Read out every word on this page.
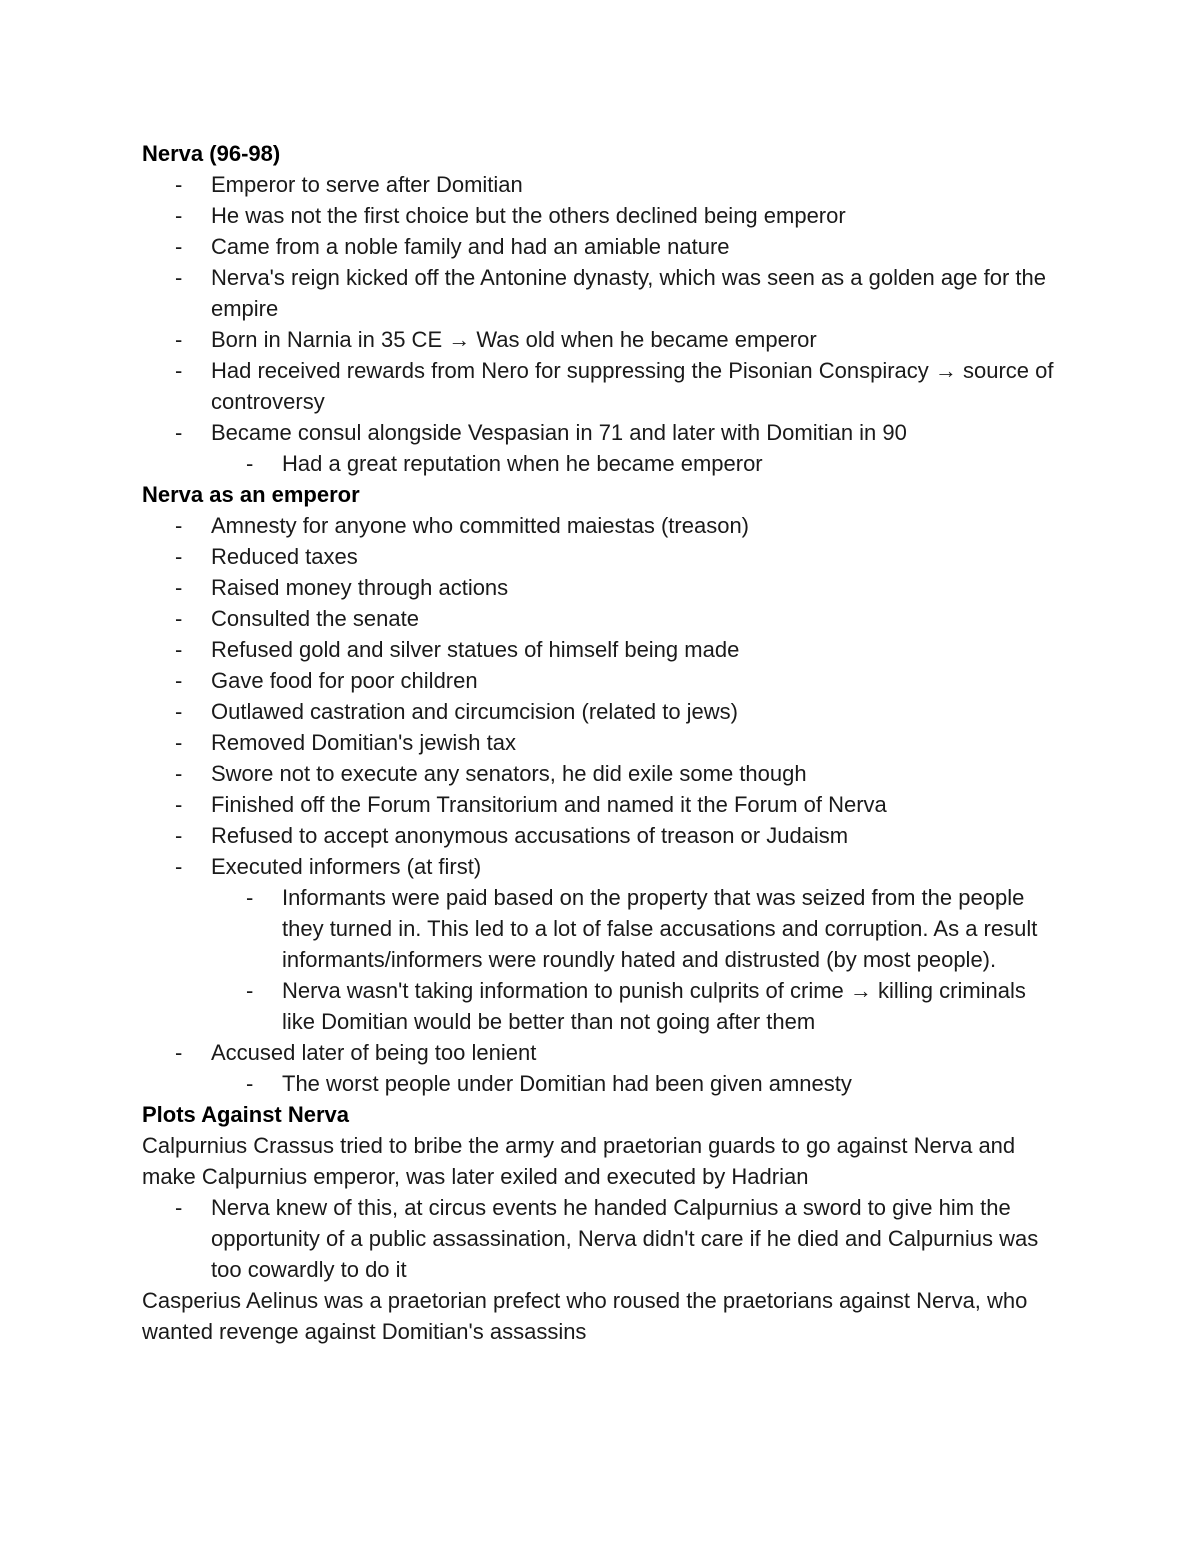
Nerva (96-98)
- Emperor to serve after Domitian
- He was not the first choice but the others declined being emperor
- Came from a noble family and had an amiable nature
- Nerva's reign kicked off the Antonine dynasty, which was seen as a golden age for the empire
- Born in Narnia in 35 CE → Was old when he became emperor
- Had received rewards from Nero for suppressing the Pisonian Conspiracy → source of controversy
- Became consul alongside Vespasian in 71 and later with Domitian in 90
- Had a great reputation when he became emperor
Nerva as an emperor
- Amnesty for anyone who committed maiestas (treason)
- Reduced taxes
- Raised money through actions
- Consulted the senate
- Refused gold and silver statues of himself being made
- Gave food for poor children
- Outlawed castration and circumcision (related to jews)
- Removed Domitian's jewish tax
- Swore not to execute any senators, he did exile some though
- Finished off the Forum Transitorium and named it the Forum of Nerva
- Refused to accept anonymous accusations of treason or Judaism
- Executed informers (at first)
- Informants were paid based on the property that was seized from the people they turned in. This led to a lot of false accusations and corruption. As a result informants/informers were roundly hated and distrusted (by most people).
- Nerva wasn't taking information to punish culprits of crime → killing criminals like Domitian would be better than not going after them
- Accused later of being too lenient
- The worst people under Domitian had been given amnesty
Plots Against Nerva

Calpurnius Crassus tried to bribe the army and praetorian guards to go against Nerva and make Calpurnius emperor, was later exiled and executed by Hadrian

- Nerva knew of this, at circus events he handed Calpurnius a sword to give him the opportunity of a public assassination, Nerva didn't care if he died and Calpurnius was too cowardly to do it

Casperius Aelinus was a praetorian prefect who roused the praetorians against Nerva, who wanted revenge against Domitian's assassins
